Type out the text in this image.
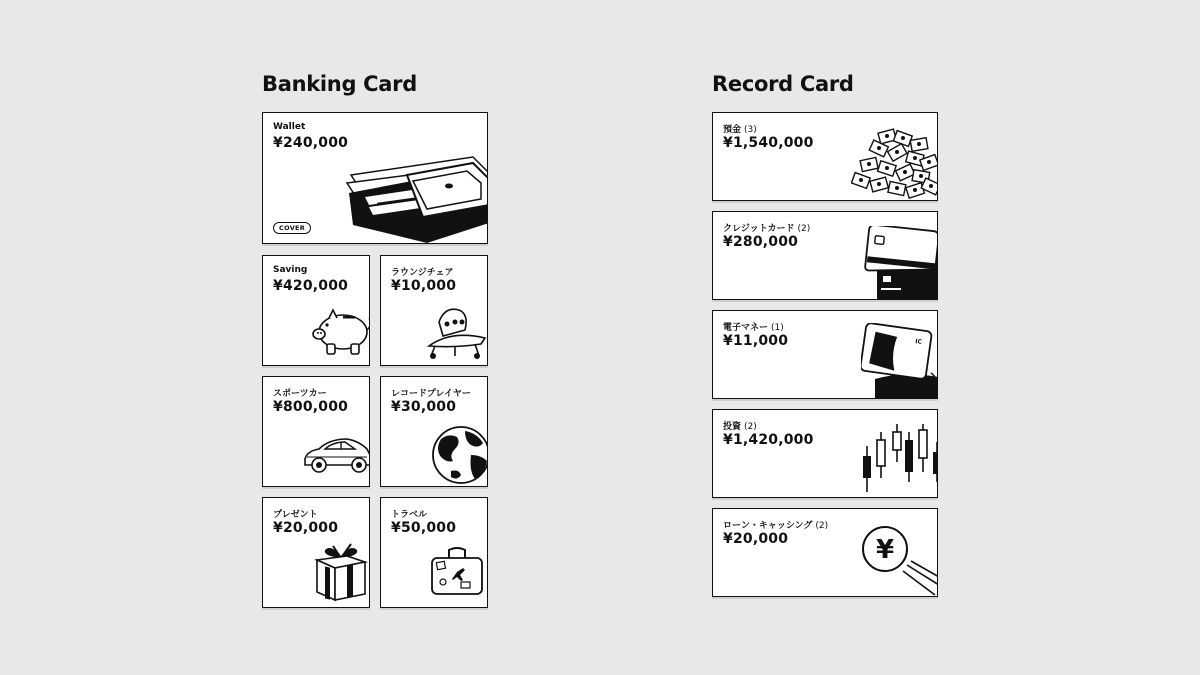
Banking Card
Wallet
¥240,000
COVER
Saving
¥420,000
ラウンジチェア
¥10,000
スポーツカー
¥800,000
レコードプレイヤー
¥30,000
プレゼント
¥20,000
トラベル
¥50,000
Record Card
預金 (3)
¥1,540,000
クレジットカード (2)
¥280,000
電子マネー (1)
¥11,000	IC
投資 (2)
¥1,420,000
ローン・キャッシング (2)
¥20,000	¥
